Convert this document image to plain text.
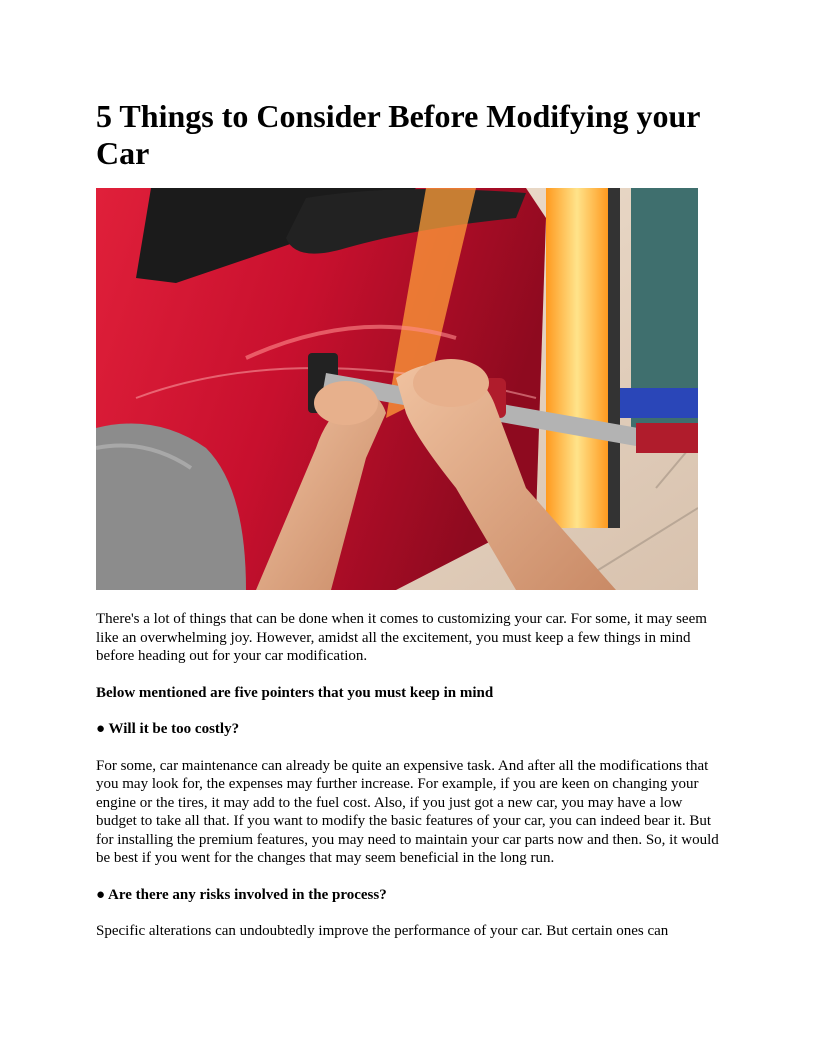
5 Things to Consider Before Modifying your Car

There's a lot of things that can be done when it comes to customizing your car. For some, it may seem like an overwhelming joy. However, amidst all the excitement, you must keep a few things in mind before heading out for your car modification.

Below mentioned are five pointers that you must keep in mind

● Will it be too costly?

For some, car maintenance can already be quite an expensive task. And after all the modifications that you may look for, the expenses may further increase. For example, if you are keen on changing your engine or the tires, it may add to the fuel cost. Also, if you just got a new car, you may have a low budget to take all that. If you want to modify the basic features of your car, you can indeed bear it. But for installing the premium features, you may need to maintain your car parts now and then. So, it would be best if you went for the changes that may seem beneficial in the long run.

● Are there any risks involved in the process?

Specific alterations can undoubtedly improve the performance of your car. But certain ones can
